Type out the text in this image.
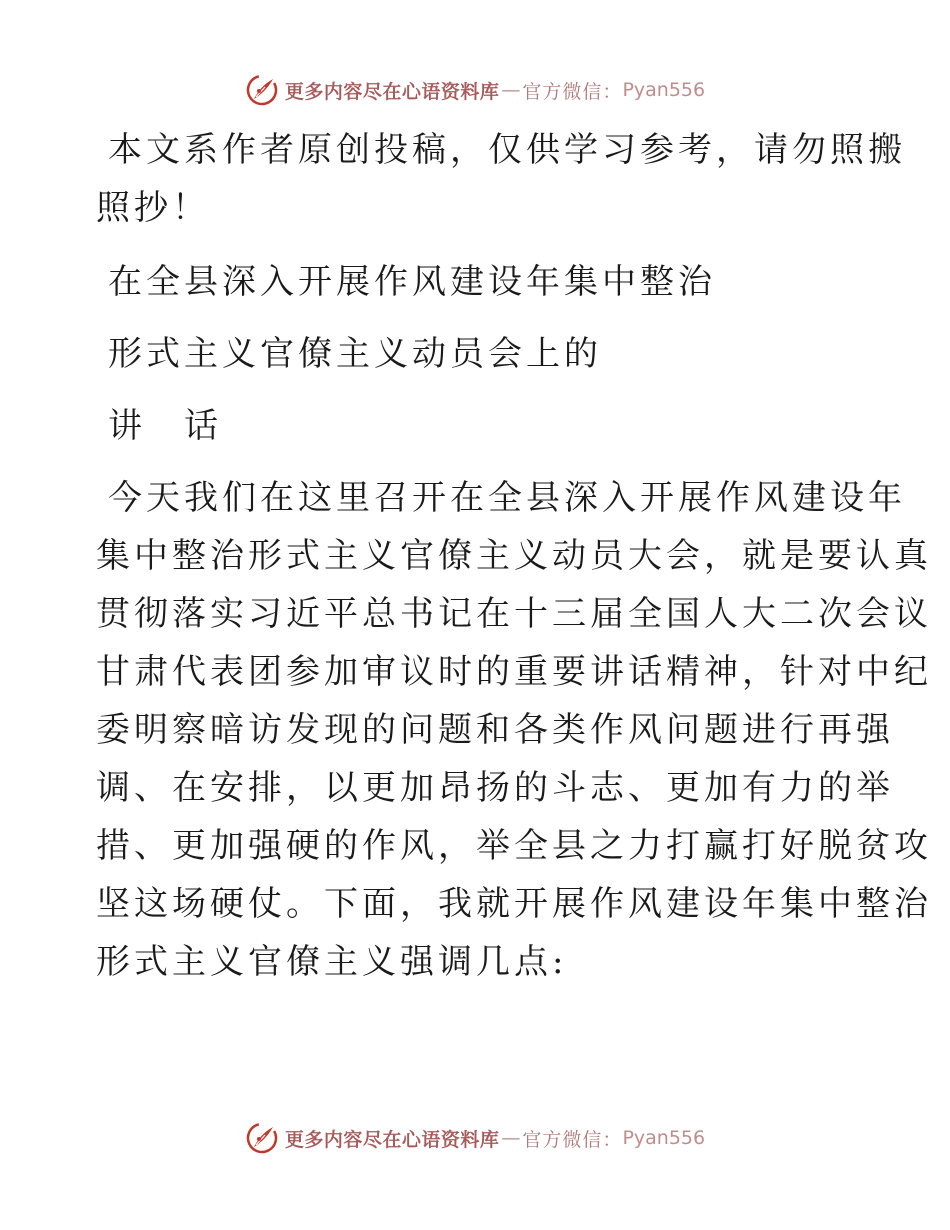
更多内容尽在心语资料库 — 官方微信： Pyan556

本文系作者原创投稿，仅供学习参考，请勿照搬

照抄！

在全县深入开展作风建设年集中整治

形式主义官僚主义动员会上的

讲　话

今天我们在这里召开在全县深入开展作风建设年

集中整治形式主义官僚主义动员大会，就是要认真

贯彻落实习近平总书记在十三届全国人大二次会议

甘肃代表团参加审议时的重要讲话精神，针对中纪

委明察暗访发现的问题和各类作风问题进行再强

调、在安排，以更加昂扬的斗志、更加有力的举

措、更加强硬的作风，举全县之力打赢打好脱贫攻

坚这场硬仗。下面，我就开展作风建设年集中整治

形式主义官僚主义强调几点:

更多内容尽在心语资料库 — 官方微信： Pyan556
